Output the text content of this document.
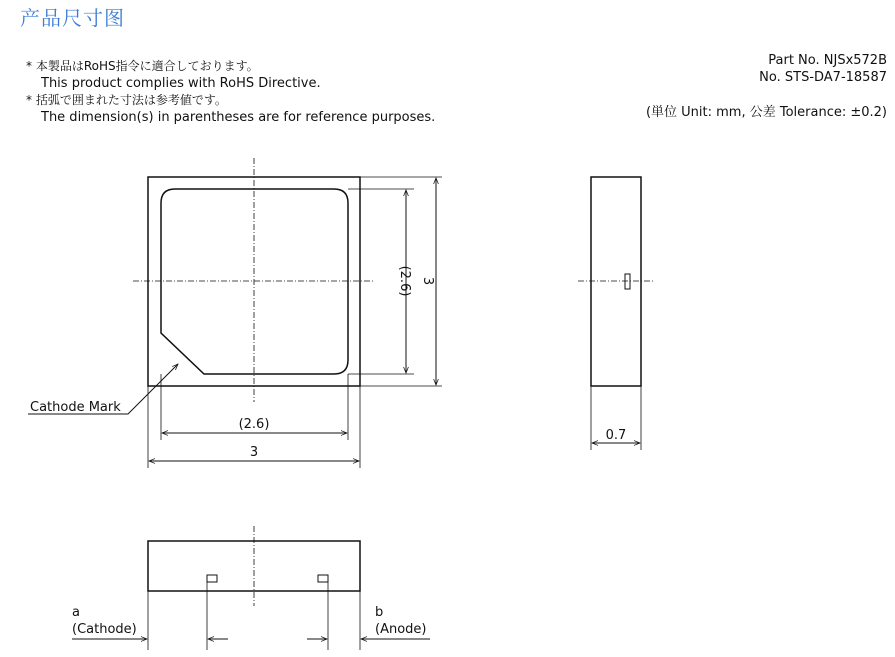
产品尺寸图
* 本製品はRoHS指令に適合しております。
This product complies with RoHS Directive.
* 括弧で囲まれた寸法は参考値です。
The dimension(s) in parentheses are for reference purposes.
Part No. NJSx572B
No. STS-DA7-18587
(単位 Unit: mm, 公差 Tolerance: ±0.2)
Cathode Mark
(2.6)
3
(2.6) 3
0.7
a
(Cathode)
b
(Anode)
